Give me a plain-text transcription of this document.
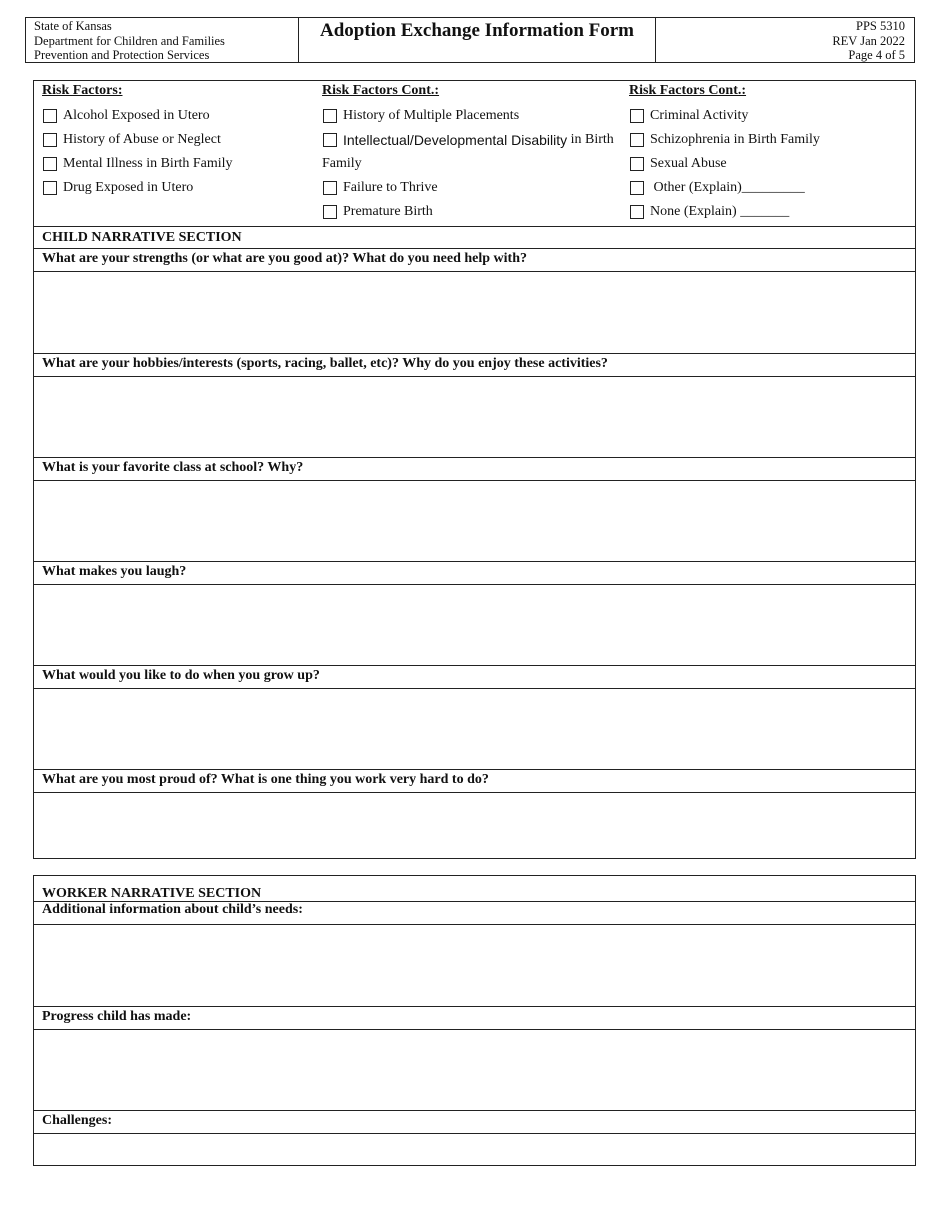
State of Kansas
Department for Children and Families
Prevention and Protection Services
Adoption Exchange Information Form	PPS 5310
REV Jan 2022
Page 4 of 5
Risk Factors:
Alcohol Exposed in Utero
History of Abuse or Neglect
Mental Illness in Birth Family
Drug Exposed in Utero
Risk Factors Cont.:
History of Multiple Placements
Intellectual/Developmental Disability
in Birth
Family
Failure to Thrive
Premature Birth
Risk Factors Cont.:
Criminal Activity
Schizophrenia in Birth Family
Sexual Abuse

Other (Explain)_________
None (Explain) _______
CHILD NARRATIVE SECTION
What are your strengths (or what are you good at)? What do you need help with?
What are your hobbies/interests (sports, racing, ballet, etc)? Why do you enjoy these activities?
What is your favorite class at school? Why?
What makes you laugh?
What would you like to do when you grow up?
What are you most proud of? What is one thing you work very hard to do?
WORKER NARRATIVE SECTION
Additional information about child’s needs:
Progress child has made:
Challenges:
